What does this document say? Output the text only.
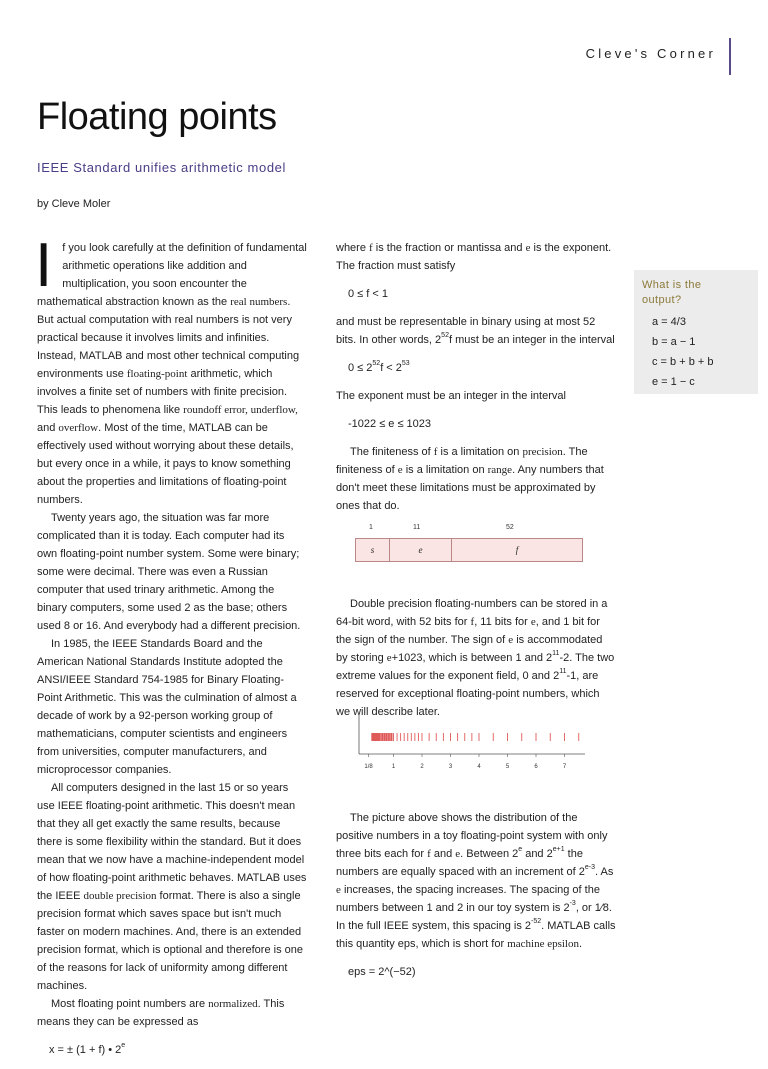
Cleve's Corner
Floating points
IEEE Standard unifies arithmetic model
by Cleve Moler

If you look carefully at the definition of fundamental arithmetic operations like addition and multiplication, you soon encounter the mathematical abstraction known as the real numbers. But actual computation with real numbers is not very practical because it involves limits and infinities. Instead, MATLAB and most other technical computing environments use floating-point arithmetic, which involves a finite set of numbers with finite precision. This leads to phenomena like roundoff error, underflow, and overflow. Most of the time, MATLAB can be effectively used without worrying about these details, but every once in a while, it pays to know something about the properties and limitations of floating-point numbers.

Twenty years ago, the situation was far more complicated than it is today. Each computer had its own floating-point number system. Some were binary; some were decimal. There was even a Russian computer that used trinary arithmetic. Among the binary computers, some used 2 as the base; others used 8 or 16. And everybody had a different precision.

In 1985, the IEEE Standards Board and the American National Standards Institute adopted the ANSI/IEEE Standard 754-1985 for Binary Floating-Point Arithmetic. This was the culmination of almost a decade of work by a 92-person working group of mathematicians, computer scientists and engineers from universities, computer manufacturers, and microprocessor companies.

All computers designed in the last 15 or so years use IEEE floating-point arithmetic. This doesn't mean that they all get exactly the same results, because there is some flexibility within the standard. But it does mean that we now have a machine-independent model of how floating-point arithmetic behaves. MATLAB uses the IEEE double precision format. There is also a single precision format which saves space but isn't much faster on modern machines. And, there is an extended precision format, which is optional and therefore is one of the reasons for lack of uniformity among different machines.

Most floating point numbers are normalized. This means they can be expressed as

x = ± (1 + f) • 2e

where f is the fraction or mantissa and e is the exponent. The fraction must satisfy

0 ≤ f < 1

and must be representable in binary using at most 52 bits. In other words, $2^{52}f$ must be an integer in the interval

$0 \le 2^{52}f < 2^{53}$

The exponent must be an integer in the interval

-1022 ≤ e ≤ 1023

The finiteness of f is a limitation on precision. The finiteness of e is a limitation on range. Any numbers that don't meet these limitations must be approximated by ones that do.

Double precision floating-numbers can be stored in a 64-bit word, with 52 bits for f, 11 bits for e, and 1 bit for the sign of the number. The sign of e is accommodated by storing e+1023, which is between 1 and $2^{11}-2$. The two extreme values for the exponent field, 0 and $2^{11}-1$, are reserved for exceptional floating-point numbers, which we will describe later.

The picture above shows the distribution of the positive numbers in a toy floating-point system with only three bits each for f and e. Between 2e and $2^{e+1}$ the numbers are equally spaced with an increment of 2$^{e-3}$. As e increases, the spacing increases. The spacing of the numbers between 1 and 2 in our toy system is $2^{-3}$, or 1⁄8. In the full IEEE system, this spacing is $2^{-52}$. MATLAB calls this quantity eps, which is short for machine epsilon.

eps = 2^(−52)

What is the
output?
a = 4/3
b = a − 1
c = b + b + b
e = 1 − c
1	11	52
s	e	f
1/8	1	2	3	4	5	6	7
